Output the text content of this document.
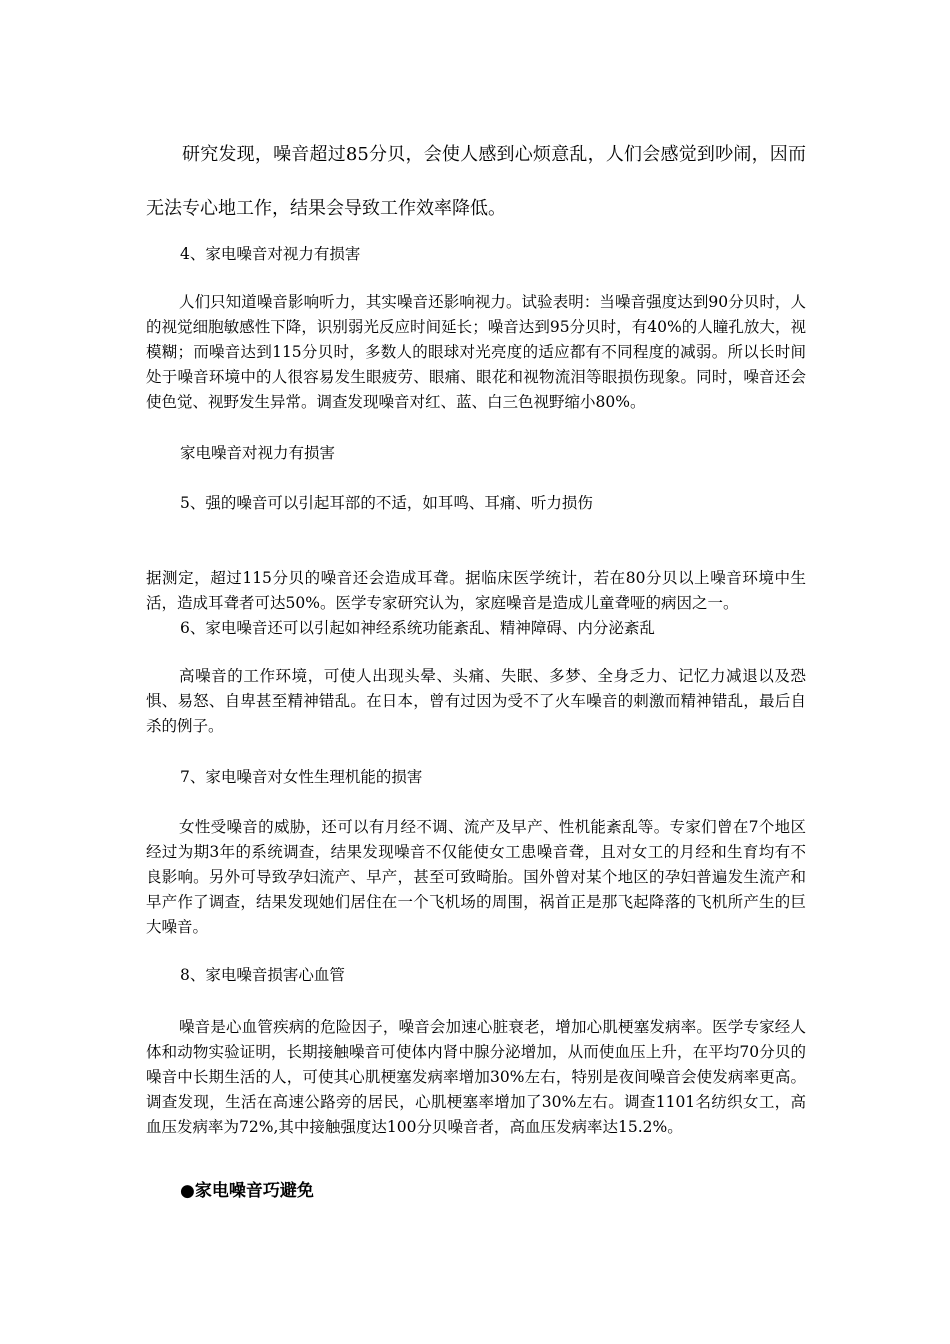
研究发现，噪音超过85分贝，会使人感到心烦意乱，人们会感觉到吵闹，因而无法专心地工作，结果会导致工作效率降低。

4、家电噪音对视力有损害

人们只知道噪音影响听力，其实噪音还影响视力。试验表明：当噪音强度达到90分贝时，人的视觉细胞敏感性下降，识别弱光反应时间延长；噪音达到95分贝时，有40%的人瞳孔放大，视模糊；而噪音达到115分贝时，多数人的眼球对光亮度的适应都有不同程度的减弱。所以长时间处于噪音环境中的人很容易发生眼疲劳、眼痛、眼花和视物流泪等眼损伤现象。同时，噪音还会使色觉、视野发生异常。调查发现噪音对红、蓝、白三色视野缩小80%。

家电噪音对视力有损害

5、强的噪音可以引起耳部的不适，如耳鸣、耳痛、听力损伤

据测定，超过115分贝的噪音还会造成耳聋。据临床医学统计，若在80分贝以上噪音环境中生活，造成耳聋者可达50%。医学专家研究认为，家庭噪音是造成儿童聋哑的病因之一。

6、家电噪音还可以引起如神经系统功能紊乱、精神障碍、内分泌紊乱

高噪音的工作环境，可使人出现头晕、头痛、失眠、多梦、全身乏力、记忆力减退以及恐惧、易怒、自卑甚至精神错乱。在日本，曾有过因为受不了火车噪音的刺激而精神错乱，最后自杀的例子。

7、家电噪音对女性生理机能的损害

女性受噪音的威胁，还可以有月经不调、流产及早产、性机能紊乱等。专家们曾在7个地区经过为期3年的系统调查，结果发现噪音不仅能使女工患噪音聋，且对女工的月经和生育均有不良影响。另外可导致孕妇流产、早产，甚至可致畸胎。国外曾对某个地区的孕妇普遍发生流产和早产作了调查，结果发现她们居住在一个飞机场的周围，祸首正是那飞起降落的飞机所产生的巨大噪音。

8、家电噪音损害心血管

噪音是心血管疾病的危险因子，噪音会加速心脏衰老，增加心肌梗塞发病率。医学专家经人体和动物实验证明，长期接触噪音可使体内肾中腺分泌增加，从而使血压上升，在平均70分贝的噪音中长期生活的人，可使其心肌梗塞发病率增加30%左右，特别是夜间噪音会使发病率更高。调查发现，生活在高速公路旁的居民，心肌梗塞率增加了30%左右。调查1101名纺织女工，高血压发病率为72%,其中接触强度达100分贝噪音者，高血压发病率达15.2%。

●家电噪音巧避免
